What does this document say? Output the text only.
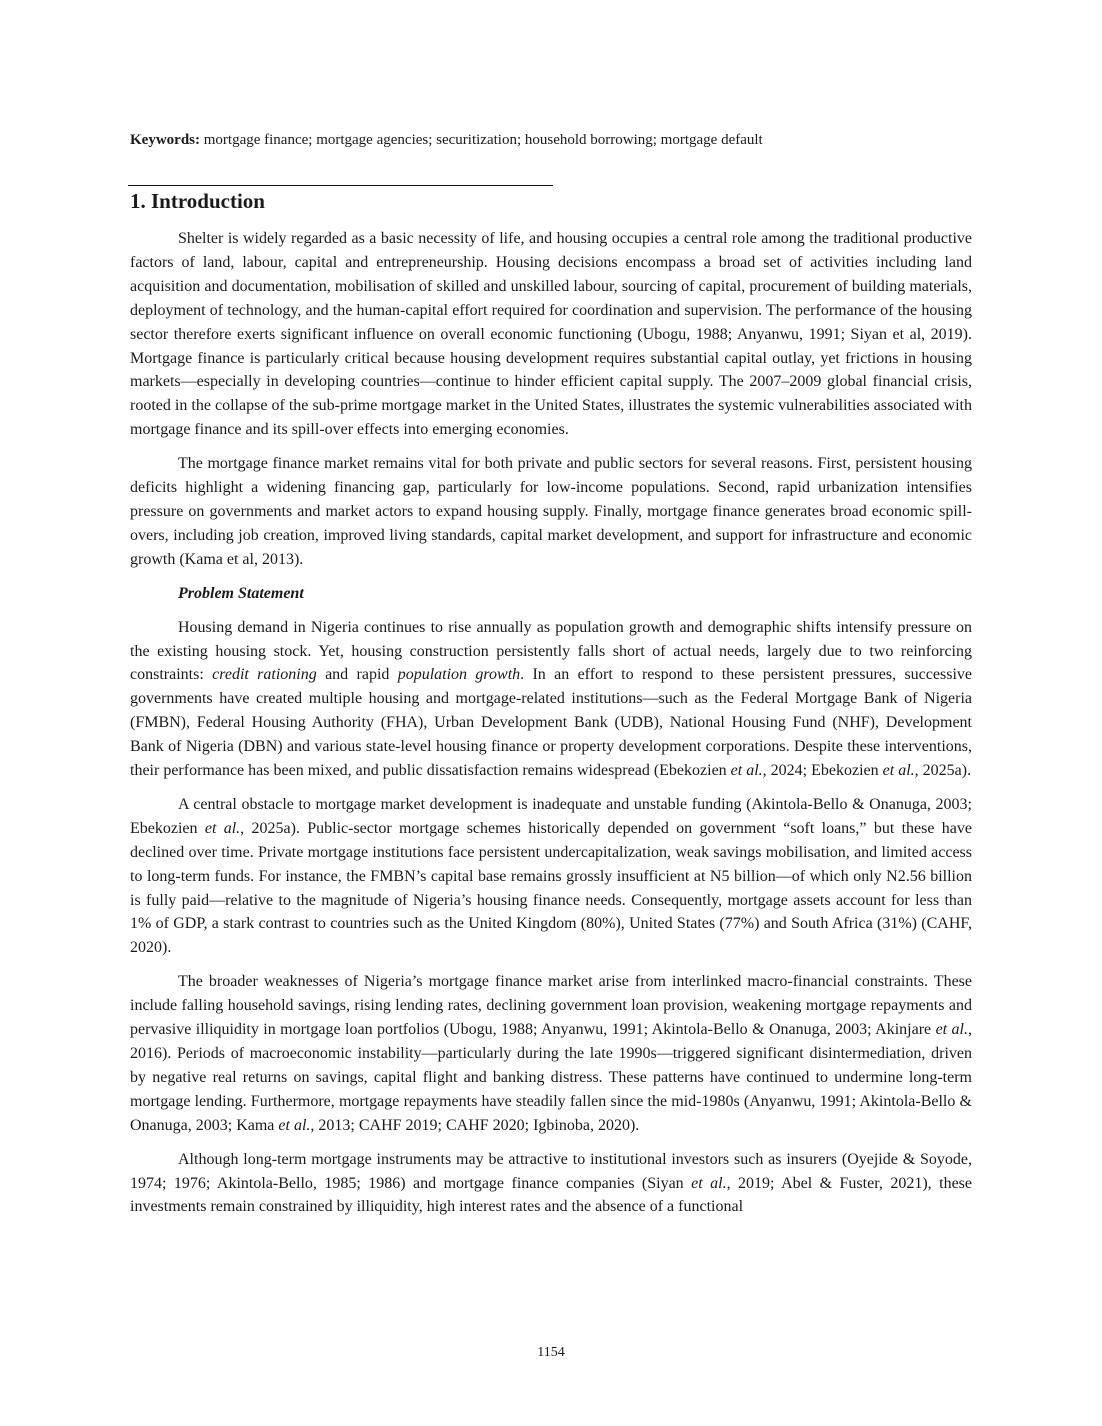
Keywords: mortgage finance; mortgage agencies; securitization; household borrowing; mortgage default
1. Introduction

Shelter is widely regarded as a basic necessity of life, and housing occupies a central role among the traditional productive factors of land, labour, capital and entrepreneurship. Housing decisions encompass a broad set of activities including land acquisition and documentation, mobilisation of skilled and unskilled labour, sourcing of capital, procurement of building materials, deployment of technology, and the human-capital effort required for coordination and supervision. The performance of the housing sector therefore exerts significant influence on overall economic functioning (Ubogu, 1988; Anyanwu, 1991; Siyan et al, 2019). Mortgage finance is particularly critical because housing development requires substantial capital outlay, yet frictions in housing markets—especially in developing countries—continue to hinder efficient capital supply. The 2007–2009 global financial crisis, rooted in the collapse of the sub-prime mortgage market in the United States, illustrates the systemic vulnerabilities associated with mortgage finance and its spill-over effects into emerging economies.

The mortgage finance market remains vital for both private and public sectors for several reasons. First, persistent housing deficits highlight a widening financing gap, particularly for low-income populations. Second, rapid urbanization intensifies pressure on governments and market actors to expand housing supply. Finally, mortgage finance generates broad economic spill-overs, including job creation, improved living standards, capital market development, and support for infrastructure and economic growth (Kama et al, 2013).

Problem Statement

Housing demand in Nigeria continues to rise annually as population growth and demographic shifts intensify pressure on the existing housing stock. Yet, housing construction persistently falls short of actual needs, largely due to two reinforcing constraints: credit rationing and rapid population growth. In an effort to respond to these persistent pressures, successive governments have created multiple housing and mortgage-related institutions—such as the Federal Mortgage Bank of Nigeria (FMBN), Federal Housing Authority (FHA), Urban Development Bank (UDB), National Housing Fund (NHF), Development Bank of Nigeria (DBN) and various state-level housing finance or property development corporations. Despite these interventions, their performance has been mixed, and public dissatisfaction remains widespread (Ebekozien et al., 2024; Ebekozien et al., 2025a).

A central obstacle to mortgage market development is inadequate and unstable funding (Akintola-Bello & Onanuga, 2003; Ebekozien et al., 2025a). Public-sector mortgage schemes historically depended on government “soft loans,” but these have declined over time. Private mortgage institutions face persistent undercapitalization, weak savings mobilisation, and limited access to long-term funds. For instance, the FMBN’s capital base remains grossly insufficient at N5 billion—of which only N2.56 billion is fully paid—relative to the magnitude of Nigeria’s housing finance needs. Consequently, mortgage assets account for less than 1% of GDP, a stark contrast to countries such as the United Kingdom (80%), United States (77%) and South Africa (31%) (CAHF, 2020).

The broader weaknesses of Nigeria’s mortgage finance market arise from interlinked macro-financial constraints. These include falling household savings, rising lending rates, declining government loan provision, weakening mortgage repayments and pervasive illiquidity in mortgage loan portfolios (Ubogu, 1988; Anyanwu, 1991; Akintola-Bello & Onanuga, 2003; Akinjare et al., 2016). Periods of macroeconomic instability—particularly during the late 1990s—triggered significant disintermediation, driven by negative real returns on savings, capital flight and banking distress. These patterns have continued to undermine long-term mortgage lending. Furthermore, mortgage repayments have steadily fallen since the mid-1980s (Anyanwu, 1991; Akintola-Bello & Onanuga, 2003; Kama et al., 2013; CAHF 2019; CAHF 2020; Igbinoba, 2020).

Although long-term mortgage instruments may be attractive to institutional investors such as insurers (Oyejide & Soyode, 1974; 1976; Akintola-Bello, 1985; 1986) and mortgage finance companies (Siyan et al., 2019; Abel & Fuster, 2021), these investments remain constrained by illiquidity, high interest rates and the absence of a functional

1154
